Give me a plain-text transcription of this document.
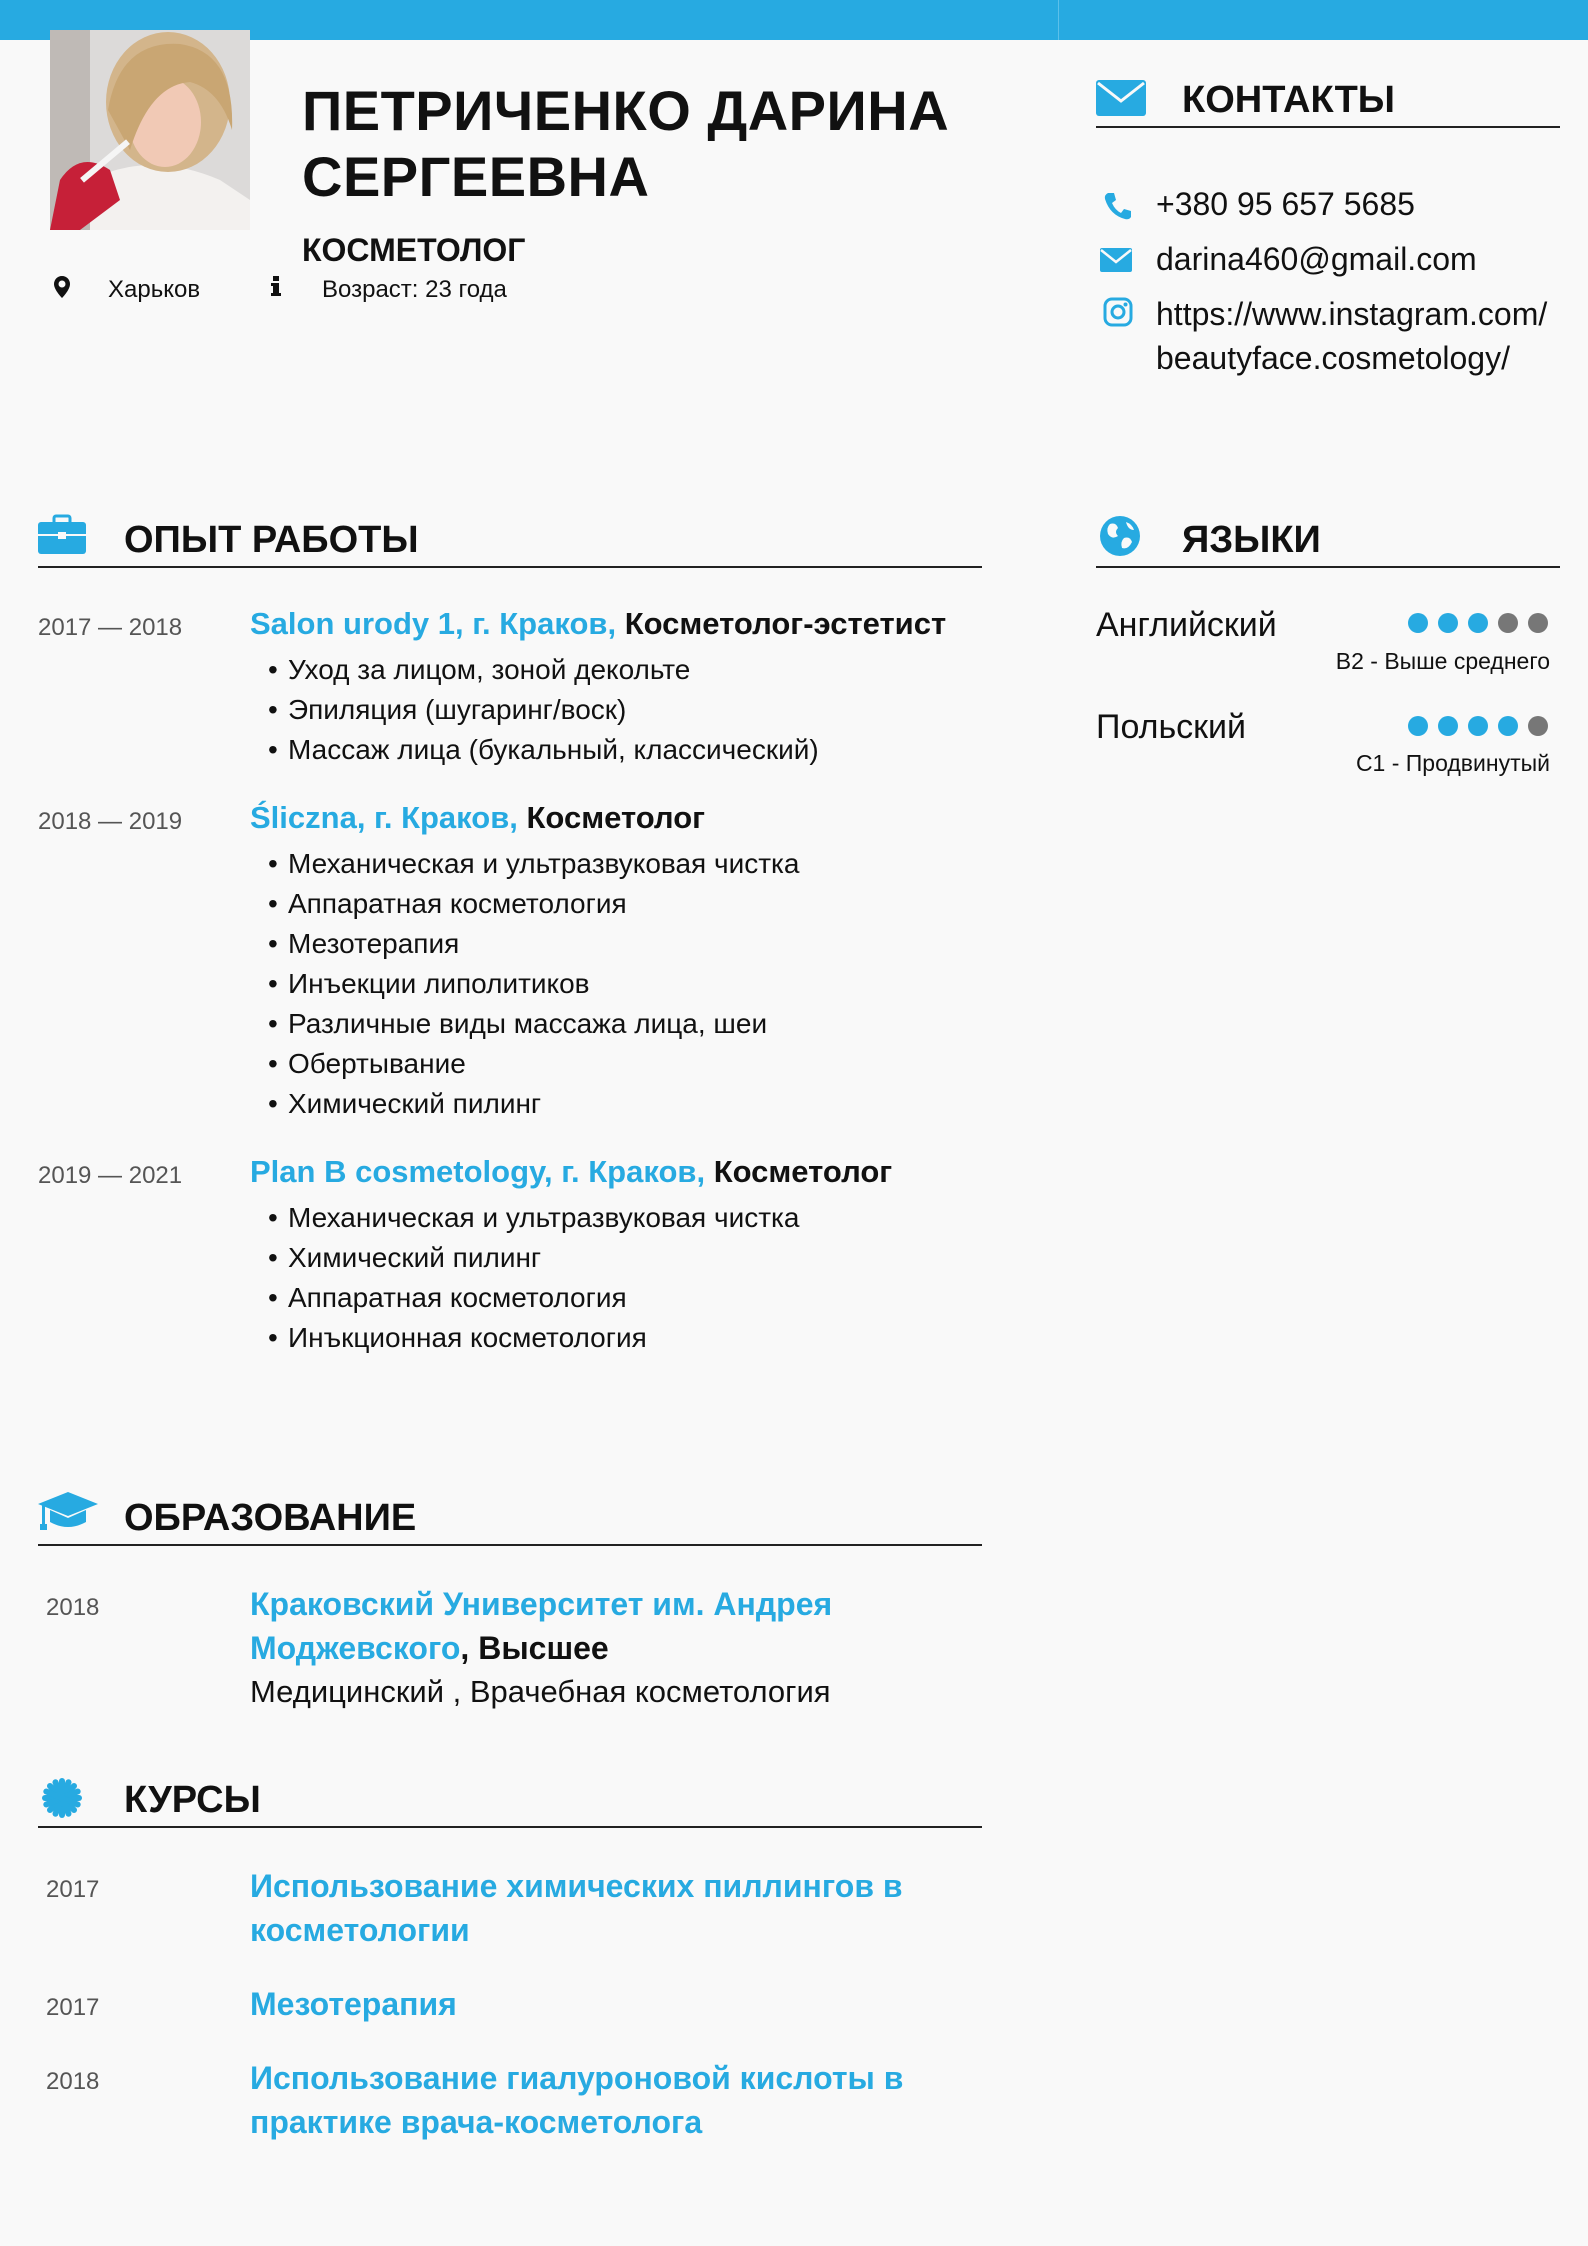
ПЕТРИЧЕНКО ДАРИНА СЕРГЕЕВНА
КОСМЕТОЛОГ
Харьков	Возраст: 23 года
КОНТАКТЫ
+380 95 657 5685
darina460@gmail.com
https://www.instagram.com/beautyface.cosmetology/
ЯЗЫКИ
Английский
B2 - Выше среднего
Польский
C1 - Продвинутый
ОПЫТ РАБОТЫ
2017 — 2018 Salon urody 1, г. Краков, Косметолог-эстетист
• Уход за лицом, зоной декольте
• Эпиляция (шугаринг/воск)
• Массаж лица (букальный, классический)
2018 — 2019 Śliczna, г. Краков, Косметолог
• Механическая и ультразвуковая чистка
• Аппаратная косметология
• Мезотерапия
• Инъекции липолитиков
• Различные виды массажа лица, шеи
• Обертывание
• Химический пилинг
2019 — 2021 Plan B cosmetology, г. Краков, Косметолог
• Механическая и ультразвуковая чистка
• Химический пилинг
• Аппаратная косметология
• Инъкционная косметология
ОБРАЗОВАНИЕ
2018	Краковский Университет им. Андрея Моджевского, Высшее
Медицинский , Врачебная косметология
КУРСЫ
2017	Использование химических пиллингов в косметологии
2017	Мезотерапия
2018	Использование гиалуроновой кислоты в практике врача-косметолога
